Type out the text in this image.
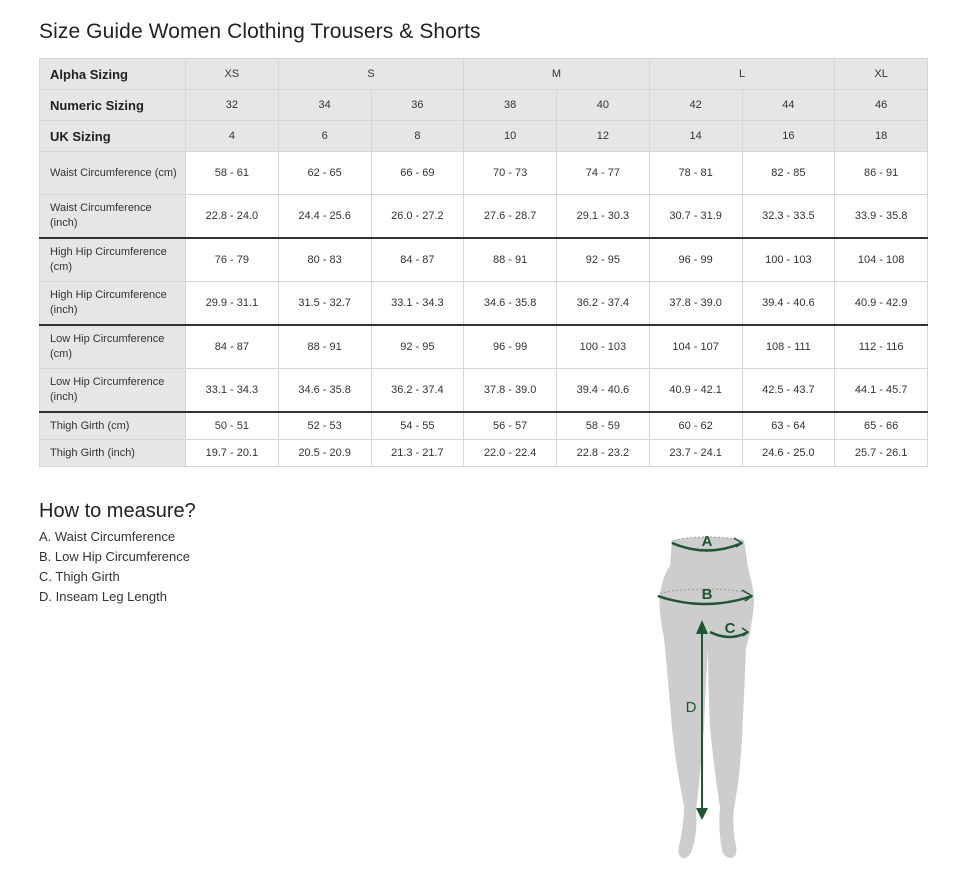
Size Guide Women Clothing Trousers & Shorts
Alpha Sizing	XS	S		M		L		XL
Numeric Sizing	32	34	36	38	40	42	44	46
UK Sizing	4	6	8	10	12	14	16	18
Waist Circumference (cm)	58 - 61	62 - 65	66 - 69	70 - 73	74 - 77	78 - 81	82 - 85	86 - 91
Waist Circumference (inch)	22.8 - 24.0	24.4 - 25.6	26.0 - 27.2	27.6 - 28.7	29.1 - 30.3	30.7 - 31.9	32.3 - 33.5	33.9 - 35.8
High Hip Circumference (cm)	76 - 79	80 - 83	84 - 87	88 - 91	92 - 95	96 - 99	100 - 103	104 - 108
High Hip Circumference (inch)	29.9 - 31.1	31.5 - 32.7	33.1 - 34.3	34.6 - 35.8	36.2 - 37.4	37.8 - 39.0	39.4 - 40.6	40.9 - 42.9
Low Hip Circumference (cm)	84 - 87	88 - 91	92 - 95	96 - 99	100 - 103	104 - 107	108 - 111	112 - 116
Low Hip Circumference (inch)	33.1 - 34.3	34.6 - 35.8	36.2 - 37.4	37.8 - 39.0	39.4 - 40.6	40.9 - 42.1	42.5 - 43.7	44.1 - 45.7
Thigh Girth (cm)	50 - 51	52 - 53	54 - 55	56 - 57	58 - 59	60 - 62	63 - 64	65 - 66
Thigh Girth (inch)	19.7 - 20.1	20.5 - 20.9	21.3 - 21.7	22.0 - 22.4	22.8 - 23.2	23.7 - 24.1	24.6 - 25.0	25.7 - 26.1
How to measure?
A. Waist Circumference
B. Low Hip Circumference
C. Thigh Girth
D. Inseam Leg Length
A
B
C
D
